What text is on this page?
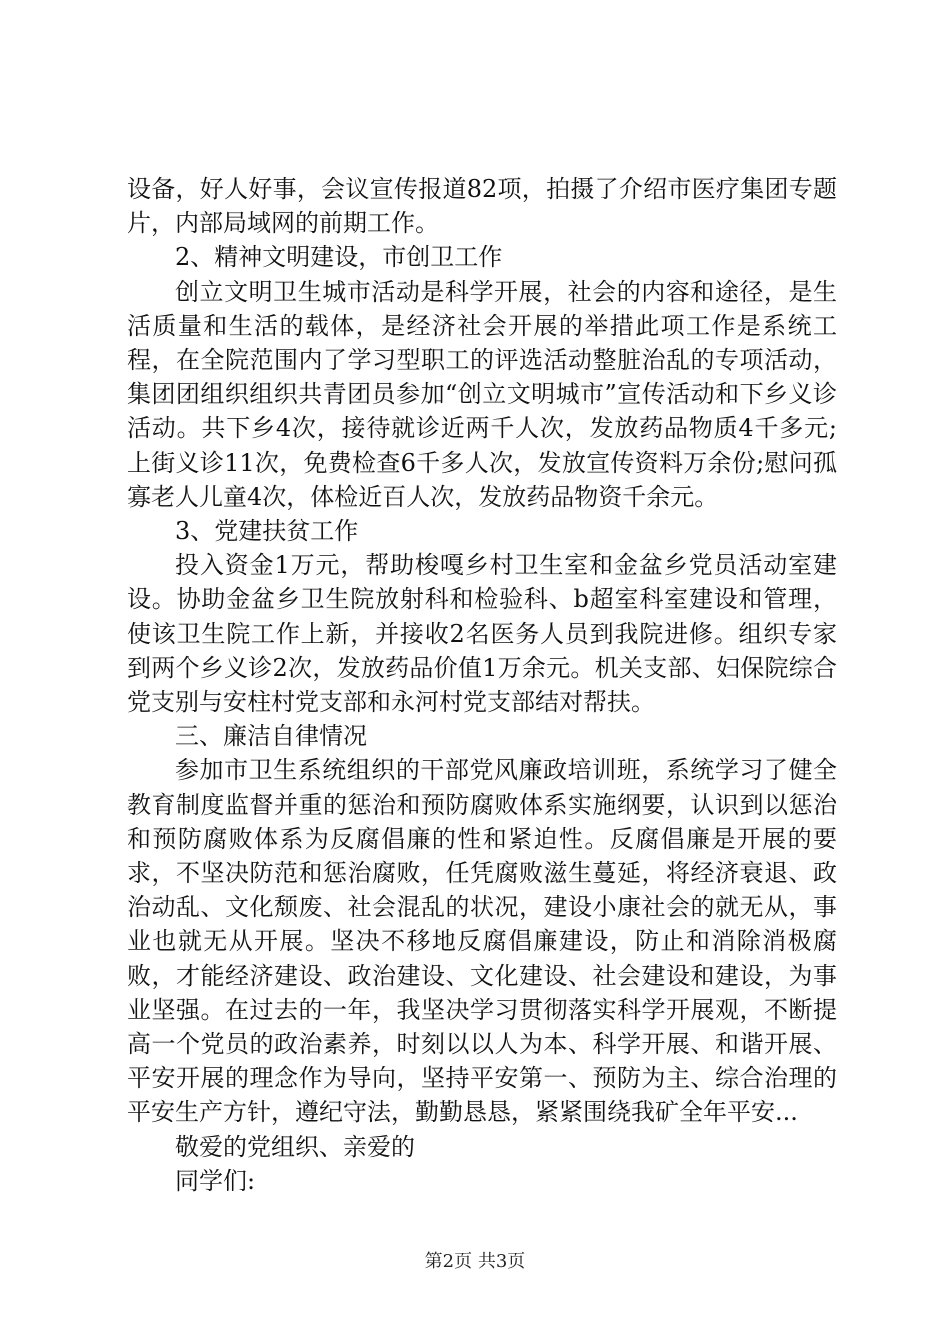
设备，好人好事，会议宣传报道82项，拍摄了介绍市医疗集团专题片，内部局域网的前期工作。

2、精神文明建设，市创卫工作

创立文明卫生城市活动是科学开展，社会的内容和途径，是生活质量和生活的载体，是经济社会开展的举措此项工作是系统工程，在全院范围内了学习型职工的评选活动整脏治乱的专项活动，集团团组织组织共青团员参加“创立文明城市”宣传活动和下乡义诊活动。共下乡4次，接待就诊近两千人次，发放药品物质4千多元;上街义诊11次，免费检查6千多人次，发放宣传资料万余份;慰问孤寡老人儿童4次，体检近百人次，发放药品物资千余元。

3、党建扶贫工作

投入资金1万元，帮助梭嘎乡村卫生室和金盆乡党员活动室建设。协助金盆乡卫生院放射科和检验科、b超室科室建设和管理，使该卫生院工作上新，并接收2名医务人员到我院进修。组织专家到两个乡义诊2次，发放药品价值1万余元。机关支部、妇保院综合党支别与安柱村党支部和永河村党支部结对帮扶。

三、廉洁自律情况

参加市卫生系统组织的干部党风廉政培训班，系统学习了健全教育制度监督并重的惩治和预防腐败体系实施纲要，认识到以惩治和预防腐败体系为反腐倡廉的性和紧迫性。反腐倡廉是开展的要求，不坚决防范和惩治腐败，任凭腐败滋生蔓延，将经济衰退、政治动乱、文化颓废、社会混乱的状况，建设小康社会的就无从，事业也就无从开展。坚决不移地反腐倡廉建设，防止和消除消极腐败，才能经济建设、政治建设、文化建设、社会建设和建设，为事业坚强。在过去的一年，我坚决学习贯彻落实科学开展观，不断提高一个党员的政治素养，时刻以以人为本、科学开展、和谐开展、平安开展的理念作为导向，坚持平安第一、预防为主、综合治理的平安生产方针，遵纪守法，勤勤恳恳，紧紧围绕我矿全年平安...

敬爱的党组织、亲爱的

同学们:

第2页 共3页
